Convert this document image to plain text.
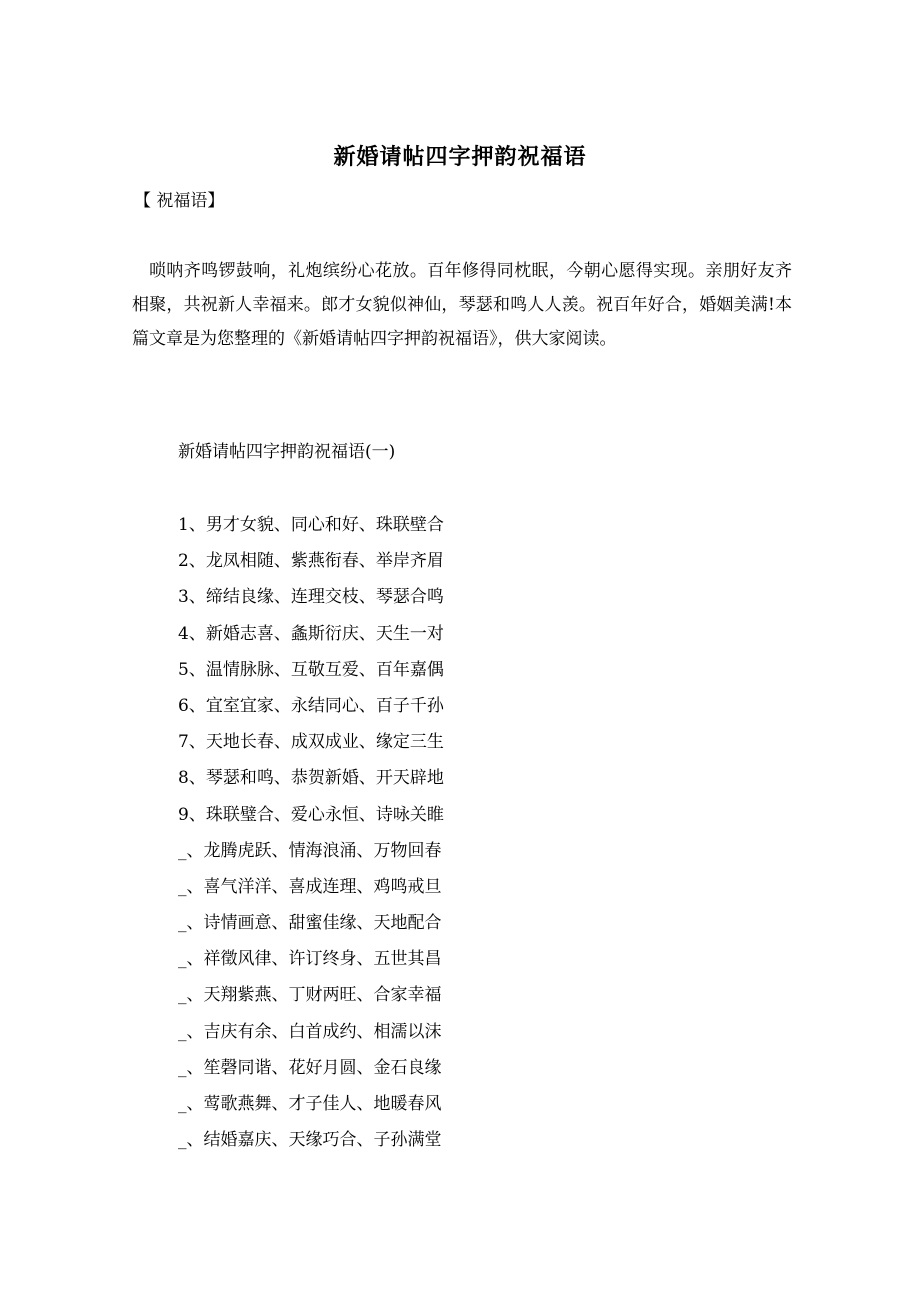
新婚请帖四字押韵祝福语
【 祝福语】

唢呐齐鸣锣鼓响，礼炮缤纷心花放。百年修得同枕眠，今朝心愿得实现。亲朋好友齐相聚，共祝新人幸福来。郎才女貌似神仙，琴瑟和鸣人人羡。祝百年好合，婚姻美满!本篇文章是为您整理的《新婚请帖四字押韵祝福语》，供大家阅读。

新婚请帖四字押韵祝福语(一)
1、男才女貌、同心和好、珠联壁合
2、龙凤相随、紫燕衔春、举岸齐眉
3、缔结良缘、连理交枝、琴瑟合鸣
4、新婚志喜、螽斯衍庆、天生一对
5、温情脉脉、互敬互爱、百年嘉偶
6、宜室宜家、永结同心、百子千孙
7、天地长春、成双成业、缘定三生
8、琴瑟和鸣、恭贺新婚、开天辟地
9、珠联璧合、爱心永恒、诗咏关睢
_、龙腾虎跃、情海浪涌、万物回春
_、喜气洋洋、喜成连理、鸡鸣戒旦
_、诗情画意、甜蜜佳缘、天地配合
_、祥徵风律、许订终身、五世其昌
_、天翔紫燕、丁财两旺、合家幸福
_、吉庆有余、白首成约、相濡以沫
_、笙磬同谐、花好月圆、金石良缘
_、莺歌燕舞、才子佳人、地暖春风
_、结婚嘉庆、天缘巧合、子孙满堂
